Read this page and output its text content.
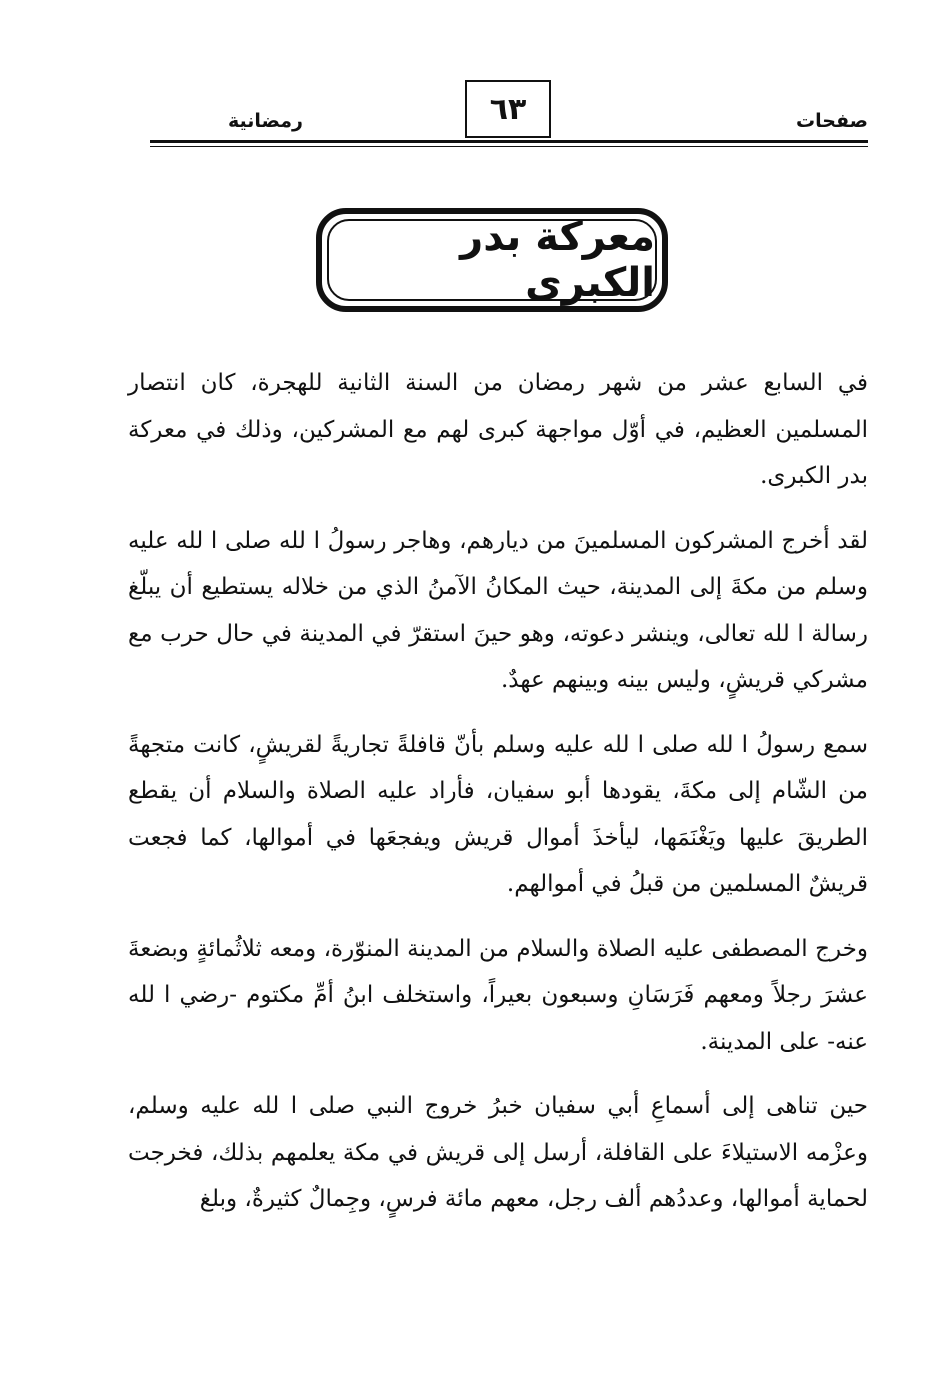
صفحات
٦٣
رمضانية
معركة بدر الكبرى

في السابع عشر من شهر رمضان من السنة الثانية للهجرة، كان انتصار المسلمين العظيم، في أوّل مواجهة كبرى لهم مع المشركين، وذلك في معركة بدر الكبرى.

لقد أخرج المشركون المسلمينَ من ديارهم، وهاجر رسولُ ا لله صلى ا لله عليه وسلم من مكةَ إلى المدينة، حيث المكانُ الآمنُ الذي من خلاله يستطيع أن يبلّغ رسالة ا لله تعالى، وينشر دعوته، وهو حينَ استقرّ في المدينة في حال حرب مع مشركي قريشٍ، وليس بينه وبينهم عهدٌ.

سمع رسولُ ا لله صلى ا لله عليه وسلم بأنّ قافلةً تجاريةً لقريشٍ، كانت متجهةً من الشّام إلى مكةَ، يقودها أبو سفيان، فأراد عليه الصلاة والسلام أن يقطع الطريقَ عليها ويَغْنَمَها، ليأخذَ أموال قريش ويفجعَها في أموالها، كما فجعت قريشٌ المسلمين من قبلُ في أموالهم.

وخرج المصطفى عليه الصلاة والسلام من المدينة المنوّرة، ومعه ثلاثُمائةٍ وبضعةَ عشرَ رجلاً ومعهم فَرَسَانِ وسبعون بعيراً، واستخلف ابنُ أمِّ مكتوم -رضي ا لله عنه- على المدينة.

حين تناهى إلى أسماعِ أبي سفيان خبرُ خروج النبي صلى ا لله عليه وسلم، وعزْمه الاستيلاءَ على القافلة، أرسل إلى قريش في مكة يعلمهم بذلك، فخرجت لحماية أموالها، وعددُهم ألف رجل، معهم مائة فرسٍ، وجِمالٌ كثيرةٌ، وبلغ
